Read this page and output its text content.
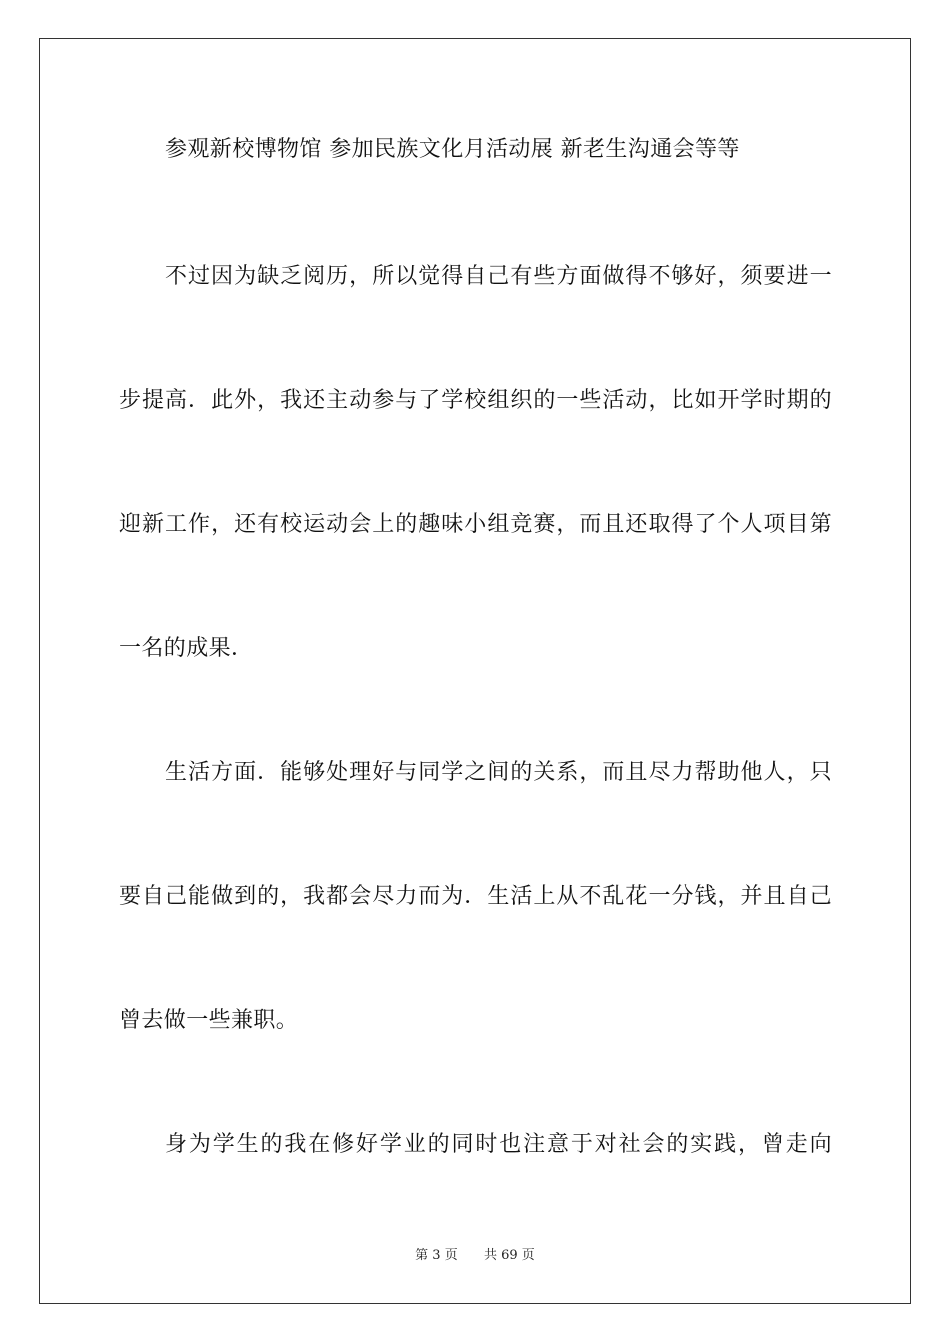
参观新校博物馆 参加民族文化月活动展 新老生沟通会等等
不过因为缺乏阅历，所以觉得自己有些方面做得不够好，须要进一
步提高．此外，我还主动参与了学校组织的一些活动，比如开学时期的
迎新工作，还有校运动会上的趣味小组竞赛，而且还取得了个人项目第
一名的成果．
生活方面．能够处理好与同学之间的关系，而且尽力帮助他人，只
要自己能做到的，我都会尽力而为．生活上从不乱花一分钱，并且自己
曾去做一些兼职。
身为学生的我在修好学业的同时也注意于对社会的实践，曾走向
第 3 页 共 69 页
